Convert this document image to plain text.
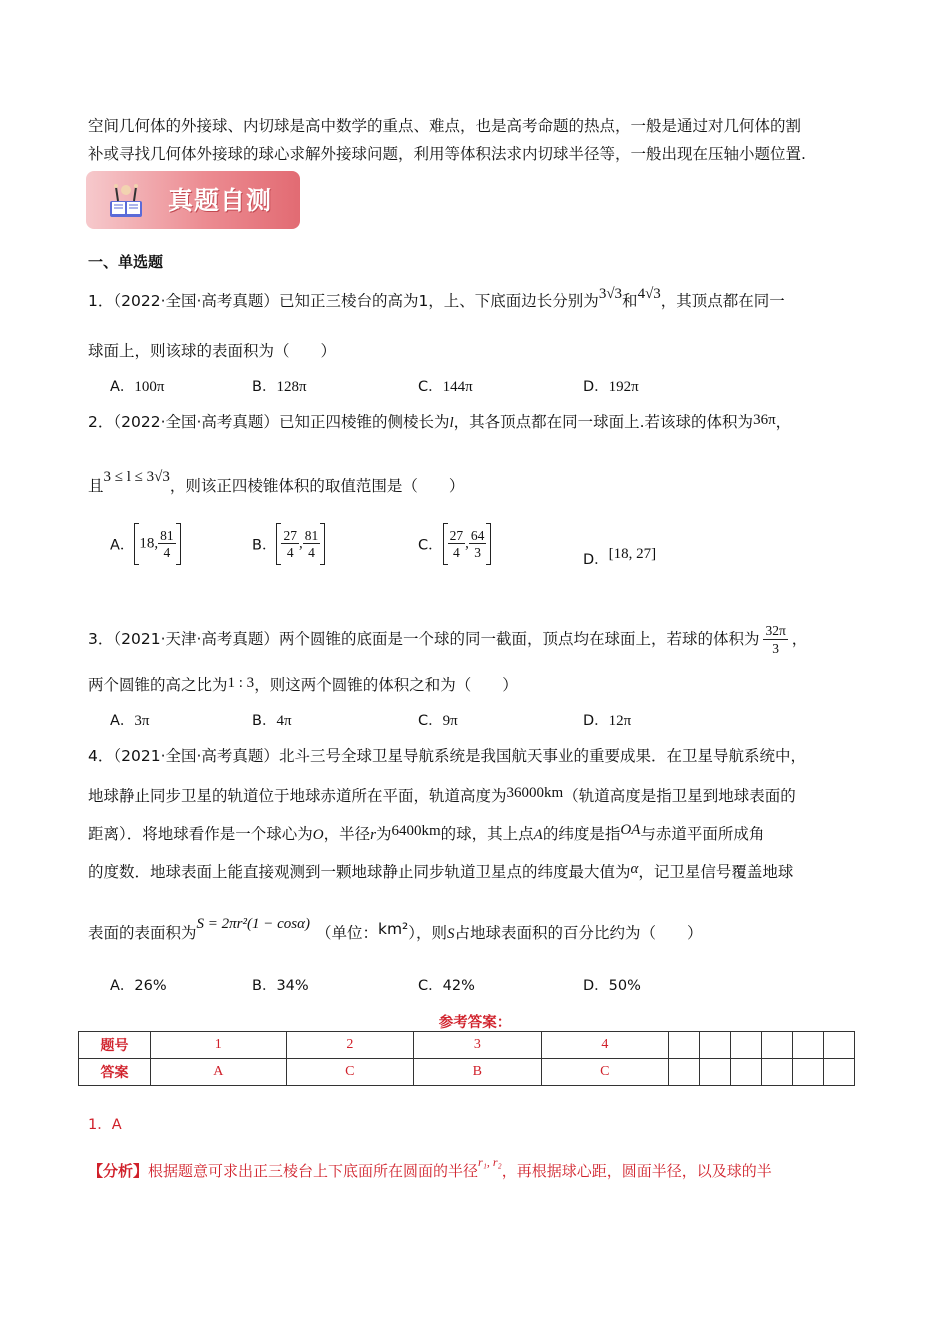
空间几何体的外接球、内切球是高中数学的重点、难点，也是高考命题的热点，一般是通过对几何体的割
补或寻找几何体外接球的球心求解外接球问题，利用等体积法求内切球半径等，一般出现在压轴小题位置.
真题自测
一、单选题
1．（2022·全国·高考真题）已知正三棱台的高为1，上、下底面边长分别为3√3和4√3，其顶点都在同一
球面上，则该球的表面积为（　　）
A．100π	B．128π	C．144π	D．192π
2．（2022·全国·高考真题）已知正四棱锥的侧棱长为l，其各顶点都在同一球面上.若该球的体积为36π，
且3 ≤ l ≤ 3√3，则该正四棱锥体积的取值范围是（　　）
A． 18, $\frac{81}{4}$	B． $\frac{27}{4}$ , $\frac{81}{4}$	C． $\frac{27}{4}$ , $\frac{64}{3}$
D．[18, 27]
3．（2021·天津·高考真题）两个圆锥的底面是一个球的同一截面，顶点均在球面上，若球的体积为 $\frac{32\pi}{3}$ ，
两个圆锥的高之比为1 : 3，则这两个圆锥的体积之和为（　　）
A．3π	B．4π	C．9π	D．12π
4．（2021·全国·高考真题）北斗三号全球卫星导航系统是我国航天事业的重要成果．在卫星导航系统中，
地球静止同步卫星的轨道位于地球赤道所在平面，轨道高度为36000km（轨道高度是指卫星到地球表面的
距离）．将地球看作是一个球心为O，半径r为6400km的球，其上点A的纬度是指OA与赤道平面所成角
的度数．地球表面上能直接观测到一颗地球静止同步轨道卫星点的纬度最大值为α，记卫星信号覆盖地球
表面的表面积为S = 2πr²(1 − cosα) （单位：km²），则S占地球表面积的百分比约为（　　）
A．26%	B．34%	C．42%	D．50%
参考答案：
题号	1	2	3	4						
答案	A	C	B	C						
1．A
【分析】根据题意可求出正三棱台上下底面所在圆面的半径$^{r_1, r_2}$，再根据球心距，圆面半径，以及球的半
